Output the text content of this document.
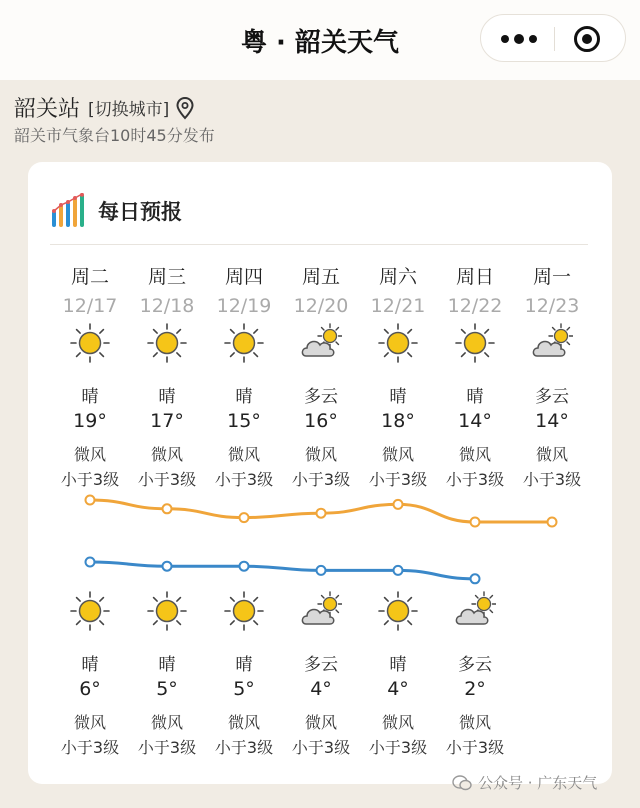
粤 · 韶关天气
韶关站 [切换城市]
韶关市气象台10时45分发布
每日预报
周二
12/17
晴
19°
微风
小于3级
周三
12/18
晴
17°
微风
小于3级
周四
12/19
晴
15°
微风
小于3级
周五
12/20
多云
16°
微风
小于3级
周六
12/21
晴
18°
微风
小于3级
周日
12/22
晴
14°
微风
小于3级
周一
12/23
多云
14°
微风
小于3级
晴
6°
微风
小于3级
晴
5°
微风
小于3级
晴
5°
微风
小于3级
多云
4°
微风
小于3级
晴
4°
微风
小于3级
多云
2°
微风
小于3级
公众号 · 广东天气
